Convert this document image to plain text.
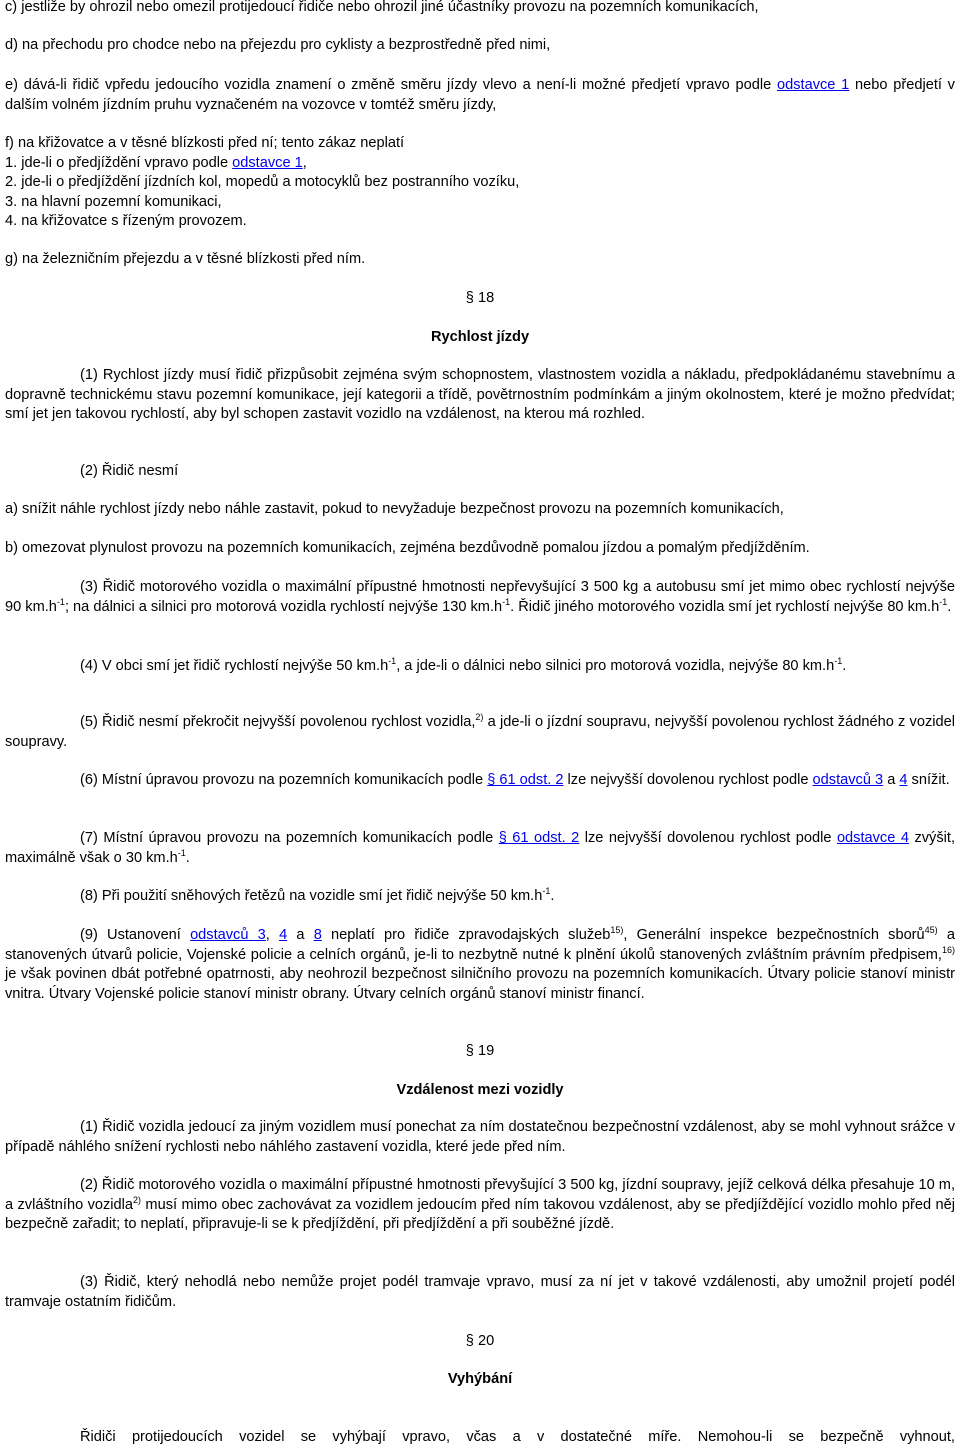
c) jestliže by ohrozil nebo omezil protijedoucí řidiče nebo ohrozil jiné účastníky provozu na pozemních komunikacích,

d) na přechodu pro chodce nebo na přejezdu pro cyklisty a bezprostředně před nimi,

e) dává-li řidič vpředu jedoucího vozidla znamení o změně směru jízdy vlevo a není-li možné předjetí vpravo podle odstavce 1 nebo předjetí v dalším volném jízdním pruhu vyznačeném na vozovce v tomtéž směru jízdy,

f) na křižovatce a v těsné blízkosti před ní; tento zákaz neplatí
1. jde-li o předjíždění vpravo podle odstavce 1,
2. jde-li o předjíždění jízdních kol, mopedů a motocyklů bez postranního vozíku,
3. na hlavní pozemní komunikaci,
4. na křižovatce s řízeným provozem.

g) na železničním přejezdu a v těsné blízkosti před ním.

§ 18

Rychlost jízdy

(1) Rychlost jízdy musí řidič přizpůsobit zejména svým schopnostem, vlastnostem vozidla a nákladu, předpokládanému stavebnímu a dopravně technickému stavu pozemní komunikace, její kategorii a třídě, povětrnostním podmínkám a jiným okolnostem, které je možno předvídat; smí jet jen takovou rychlostí, aby byl schopen zastavit vozidlo na vzdálenost, na kterou má rozhled.

(2) Řidič nesmí

a) snížit náhle rychlost jízdy nebo náhle zastavit, pokud to nevyžaduje bezpečnost provozu na pozemních komunikacích,

b) omezovat plynulost provozu na pozemních komunikacích, zejména bezdůvodně pomalou jízdou a pomalým předjížděním.

(3) Řidič motorového vozidla o maximální přípustné hmotnosti nepřevyšující 3 500 kg a autobusu smí jet mimo obec rychlostí nejvýše 90 $km.h^{-1}$; na dálnici a silnici pro motorová vozidla rychlostí nejvýše 130 $km.h^{-1}$. Řidič jiného motorového vozidla smí jet rychlostí nejvýše 80 $km.h^{-1}$.

(4) V obci smí jet řidič rychlostí nejvýše 50 $km.h^{-1}$, a jde-li o dálnici nebo silnici pro motorová vozidla, nejvýše 80 $km.h^{-1}$.

(5) Řidič nesmí překročit nejvyšší povolenou rychlost vozidla,$^{2)}$ a jde-li o jízdní soupravu, nejvyšší povolenou rychlost žádného z vozidel soupravy.

(6) Místní úpravou provozu na pozemních komunikacích podle § 61 odst. 2 lze nejvyšší dovolenou rychlost podle odstavců 3 a 4 snížit.

(7) Místní úpravou provozu na pozemních komunikacích podle § 61 odst. 2 lze nejvyšší dovolenou rychlost podle odstavce 4 zvýšit, maximálně však o 30 $km.h^{-1}$.

(8) Při použití sněhových řetězů na vozidle smí jet řidič nejvýše 50 $km.h^{-1}$.

(9) Ustanovení odstavců 3, 4 a 8 neplatí pro řidiče zpravodajských služeb$^{15)}$, Generální inspekce bezpečnostních sborů$^{45)}$ a stanovených útvarů policie, Vojenské policie a celních orgánů, je-li to nezbytně nutné k plnění úkolů stanovených zvláštním právním předpisem,$^{16)}$ je však povinen dbát potřebné opatrnosti, aby neohrozil bezpečnost silničního provozu na pozemních komunikacích. Útvary policie stanoví ministr vnitra. Útvary Vojenské policie stanoví ministr obrany. Útvary celních orgánů stanoví ministr financí.

§ 19

Vzdálenost mezi vozidly

(1) Řidič vozidla jedoucí za jiným vozidlem musí ponechat za ním dostatečnou bezpečnostní vzdálenost, aby se mohl vyhnout srážce v případě náhlého snížení rychlosti nebo náhlého zastavení vozidla, které jede před ním.

(2) Řidič motorového vozidla o maximální přípustné hmotnosti převyšující 3 500 kg, jízdní soupravy, jejíž celková délka přesahuje 10 m, a zvláštního vozidla$^{2)}$ musí mimo obec zachovávat za vozidlem jedoucím před ním takovou vzdálenost, aby se předjíždějící vozidlo mohlo před něj bezpečně zařadit; to neplatí, připravuje-li se k předjíždění, při předjíždění a při souběžné jízdě.

(3) Řidič, který nehodlá nebo nemůže projet podél tramvaje vpravo, musí za ní jet v takové vzdálenosti, aby umožnil projetí podél tramvaje ostatním řidičům.

§ 20

Vyhýbání

Řidiči protijedoucích vozidel se vyhýbají vpravo, včas a v dostatečné míře. Nemohou-li se bezpečně vyhnout,
